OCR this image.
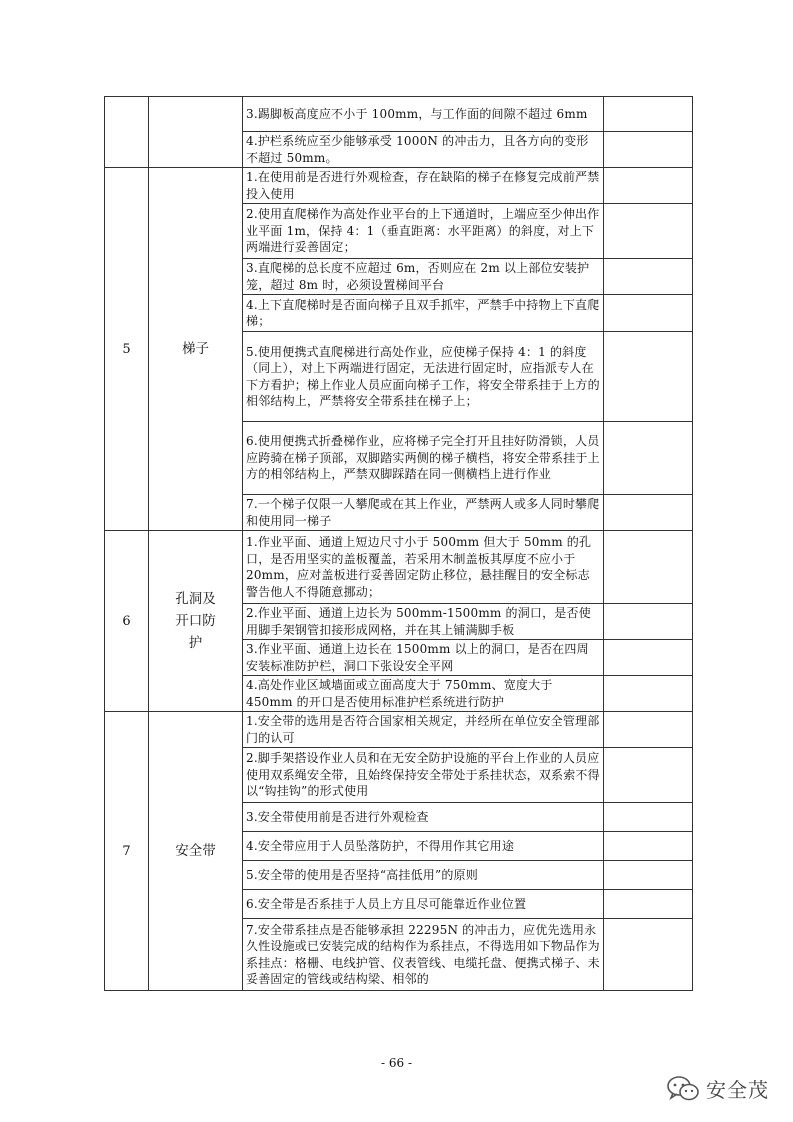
		3.踢脚板高度应不小于 100mm，与工作面的间隙不超过 6mm	
		4.护栏系统应至少能够承受 1000N 的冲击力，且各方向的变形不超过 50mm。	
5	梯子	1.在使用前是否进行外观检查，存在缺陷的梯子在修复完成前严禁投入使用	
		2.使用直爬梯作为高处作业平台的上下通道时，上端应至少伸出作业平面 1m，保持 4：1（垂直距离：水平距离）的斜度，对上下两端进行妥善固定；	
		3.直爬梯的总长度不应超过 6m，否则应在 2m 以上部位安装护笼，超过 8m 时，必须设置梯间平台	
		4.上下直爬梯时是否面向梯子且双手抓牢，严禁手中持物上下直爬梯；	
		5.使用便携式直爬梯进行高处作业，应使梯子保持 4：1 的斜度（同上），对上下两端进行固定，无法进行固定时，应指派专人在下方看护；梯上作业人员应面向梯子工作，将安全带系挂于上方的相邻结构上，严禁将安全带系挂在梯子上；	
		6.使用便携式折叠梯作业，应将梯子完全打开且挂好防滑锁，人员应跨骑在梯子顶部，双脚踏实两侧的梯子横档，将安全带系挂于上方的相邻结构上，严禁双脚踩踏在同一侧横档上进行作业	
		7.一个梯子仅限一人攀爬或在其上作业，严禁两人或多人同时攀爬和使用同一梯子	
6	孔洞及开口防护	1.作业平面、通道上短边尺寸小于 500mm 但大于 50mm 的孔口，是否用坚实的盖板覆盖，若采用木制盖板其厚度不应小于 20mm，应对盖板进行妥善固定防止移位，悬挂醒目的安全标志警告他人不得随意挪动；	
		2.作业平面、通道上边长为 500mm-1500mm 的洞口，是否使用脚手架钢管扣接形成网格，并在其上铺满脚手板	
		3.作业平面、通道上边长在 1500mm 以上的洞口，是否在四周安装标准防护栏，洞口下张设安全平网	
		4.高处作业区域墙面或立面高度大于 750mm、宽度大于 450mm 的开口是否使用标准护栏系统进行防护	
7	安全带	1.安全带的选用是否符合国家相关规定，并经所在单位安全管理部门的认可	
		2.脚手架搭设作业人员和在无安全防护设施的平台上作业的人员应使用双系绳安全带，且始终保持安全带处于系挂状态，双系索不得以“钩挂钩”的形式使用	
		3.安全带使用前是否进行外观检查	
		4.安全带应用于人员坠落防护，不得用作其它用途	
		5.安全带的使用是否坚持“高挂低用”的原则	
		6.安全带是否系挂于人员上方且尽可能靠近作业位置	
		7.安全带系挂点是否能够承担 22295N 的冲击力，应优先选用永久性设施或已安装完成的结构作为系挂点，不得选用如下物品作为系挂点：格栅、电线护管、仪表管线、电缆托盘、便携式梯子、未妥善固定的管线或结构梁、相邻的	
- 66 -
安全茂
